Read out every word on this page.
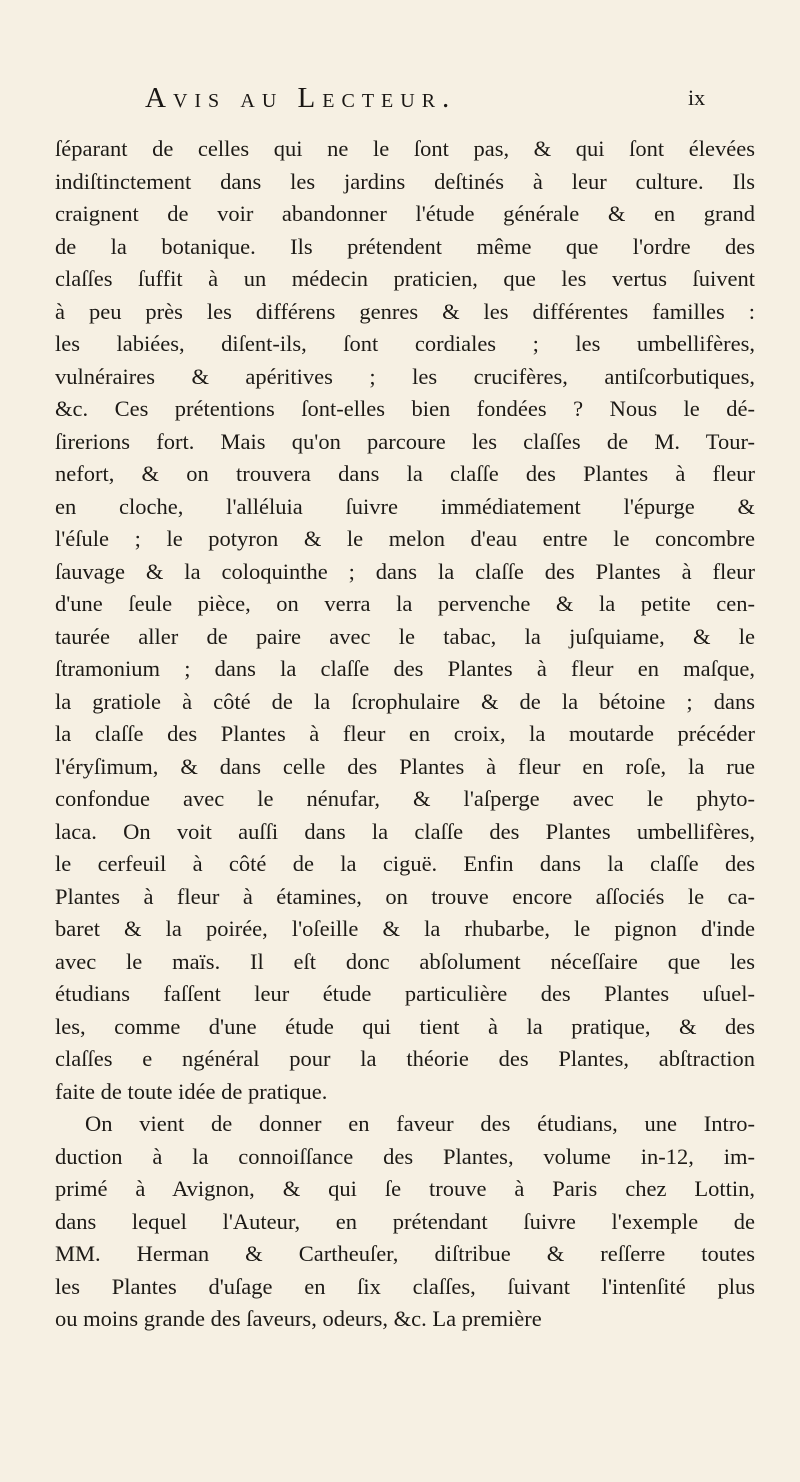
Avis au Lecteur.	ix
ſéparant de celles qui ne le ſont pas, & qui ſont élevées
indiſtinctement dans les jardins deſtinés à leur culture. Ils
craignent de voir abandonner l'étude générale & en grand
de la botanique. Ils prétendent même que l'ordre des
claſſes ſuffit à un médecin praticien, que les vertus ſuivent
à peu près les différens genres & les différentes familles :
les labiées, diſent-ils, ſont cordiales ; les umbellifères,
vulnéraires & apéritives ; les crucifères, antiſcorbutiques,
&c. Ces prétentions ſont-elles bien fondées ? Nous le dé-
ſirerions fort. Mais qu'on parcoure les claſſes de M. Tour-
nefort, & on trouvera dans la claſſe des Plantes à fleur
en cloche, l'alléluia ſuivre immédiatement l'épurge &
l'éſule ; le potyron & le melon d'eau entre le concombre
ſauvage & la coloquinthe ; dans la claſſe des Plantes à fleur
d'une ſeule pièce, on verra la pervenche & la petite cen-
taurée aller de paire avec le tabac, la juſquiame, & le
ſtramonium ; dans la claſſe des Plantes à fleur en maſque,
la gratiole à côté de la ſcrophulaire & de la bétoine ; dans
la claſſe des Plantes à fleur en croix, la moutarde précéder
l'éryſimum, & dans celle des Plantes à fleur en roſe, la rue
confondue avec le nénufar, & l'aſperge avec le phyto-
laca. On voit auſſi dans la claſſe des Plantes umbellifères,
le cerfeuil à côté de la ciguë. Enfin dans la claſſe des
Plantes à fleur à étamines, on trouve encore aſſociés le ca-
baret & la poirée, l'oſeille & la rhubarbe, le pignon d'inde
avec le maïs. Il eſt donc abſolument néceſſaire que les
étudians faſſent leur étude particulière des Plantes uſuel-
les, comme d'une étude qui tient à la pratique, & des
claſſes e ngénéral pour la théorie des Plantes, abſtraction
faite de toute idée de pratique.
On vient de donner en faveur des étudians, une Intro-
duction à la connoiſſance des Plantes, volume in-12, im-
primé à Avignon, & qui ſe trouve à Paris chez Lottin,
dans lequel l'Auteur, en prétendant ſuivre l'exemple de
MM. Herman & Cartheuſer, diſtribue & reſſerre toutes
les Plantes d'uſage en ſix claſſes, ſuivant l'intenſité plus
ou moins grande des ſaveurs, odeurs, &c. La première
